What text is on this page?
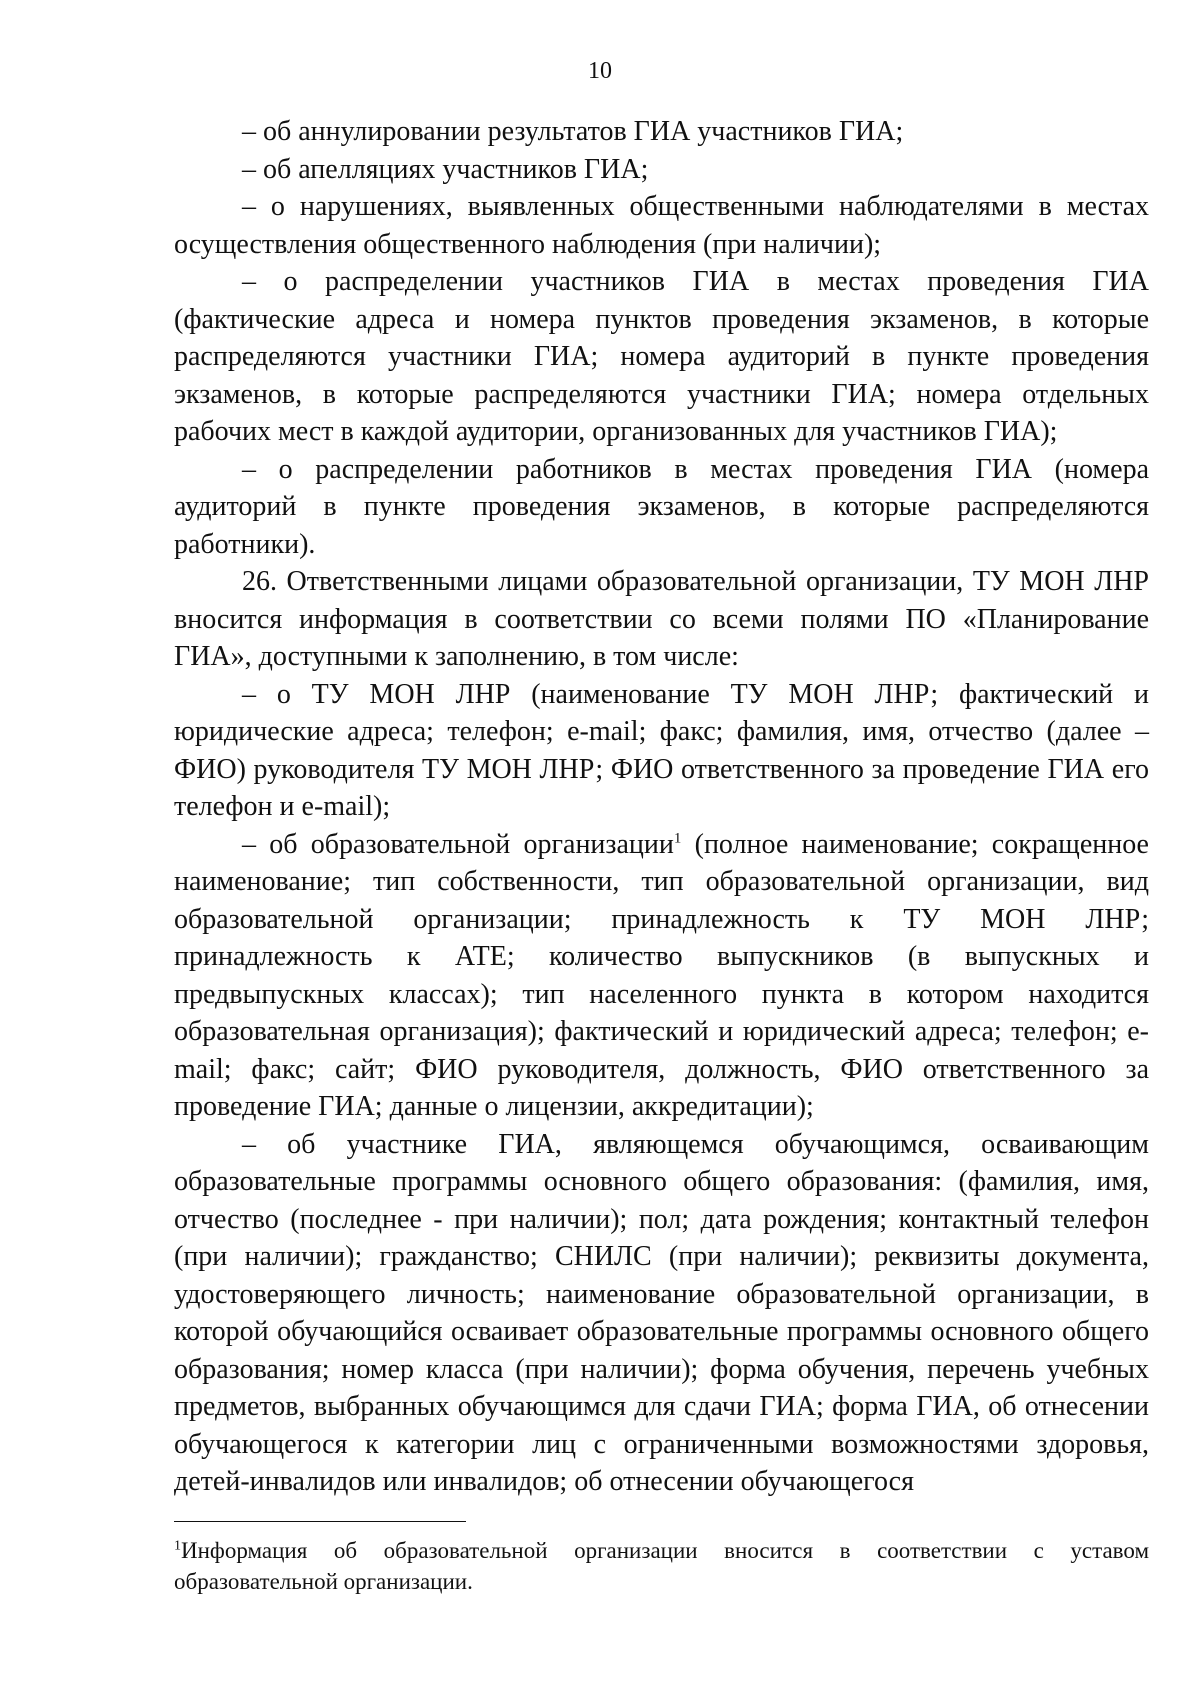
10

– об аннулировании результатов ГИА участников ГИА;

– об апелляциях участников ГИА;

– о нарушениях, выявленных общественными наблюдателями в местах осуществления общественного наблюдения (при наличии);

– о распределении участников ГИА в местах проведения ГИА (фактические адреса и номера пунктов проведения экзаменов, в которые распределяются участники ГИА; номера аудиторий в пункте проведения экзаменов, в которые распределяются участники ГИА; номера отдельных рабочих мест в каждой аудитории, организованных для участников ГИА);

– о распределении работников в местах проведения ГИА (номера аудиторий в пункте проведения экзаменов, в которые распределяются работники).

26. Ответственными лицами образовательной организации, ТУ МОН ЛНР вносится информация в соответствии со всеми полями ПО «Планирование ГИА», доступными к заполнению, в том числе:

– о ТУ МОН ЛНР (наименование ТУ МОН ЛНР; фактический и юридические адреса; телефон; e-mail; факс; фамилия, имя, отчество (далее – ФИО) руководителя ТУ МОН ЛНР; ФИО ответственного за проведение ГИА его телефон и e-mail);

– об образовательной организации$^1$ (полное наименование; сокращенное наименование; тип собственности, тип образовательной организации, вид образовательной организации; принадлежность к ТУ МОН ЛНР; принадлежность к АТЕ; количество выпускников (в выпускных и предвыпускных классах); тип населенного пункта в котором находится образовательная организация); фактический и юридический адреса; телефон; e-mail; факс; сайт; ФИО руководителя, должность, ФИО ответственного за проведение ГИА; данные о лицензии, аккредитации);

– об участнике ГИА, являющемся обучающимся, осваивающим образовательные программы основного общего образования: (фамилия, имя, отчество (последнее - при наличии); пол; дата рождения; контактный телефон (при наличии); гражданство; СНИЛС (при наличии); реквизиты документа, удостоверяющего личность; наименование образовательной организации, в которой обучающийся осваивает образовательные программы основного общего образования; номер класса (при наличии); форма обучения, перечень учебных предметов, выбранных обучающимся для сдачи ГИА; форма ГИА, об отнесении обучающегося к категории лиц с ограниченными возможностями здоровья, детей-инвалидов или инвалидов; об отнесении обучающегося

$^1$Информация об образовательной организации вносится в соответствии с уставом образовательной организации.
